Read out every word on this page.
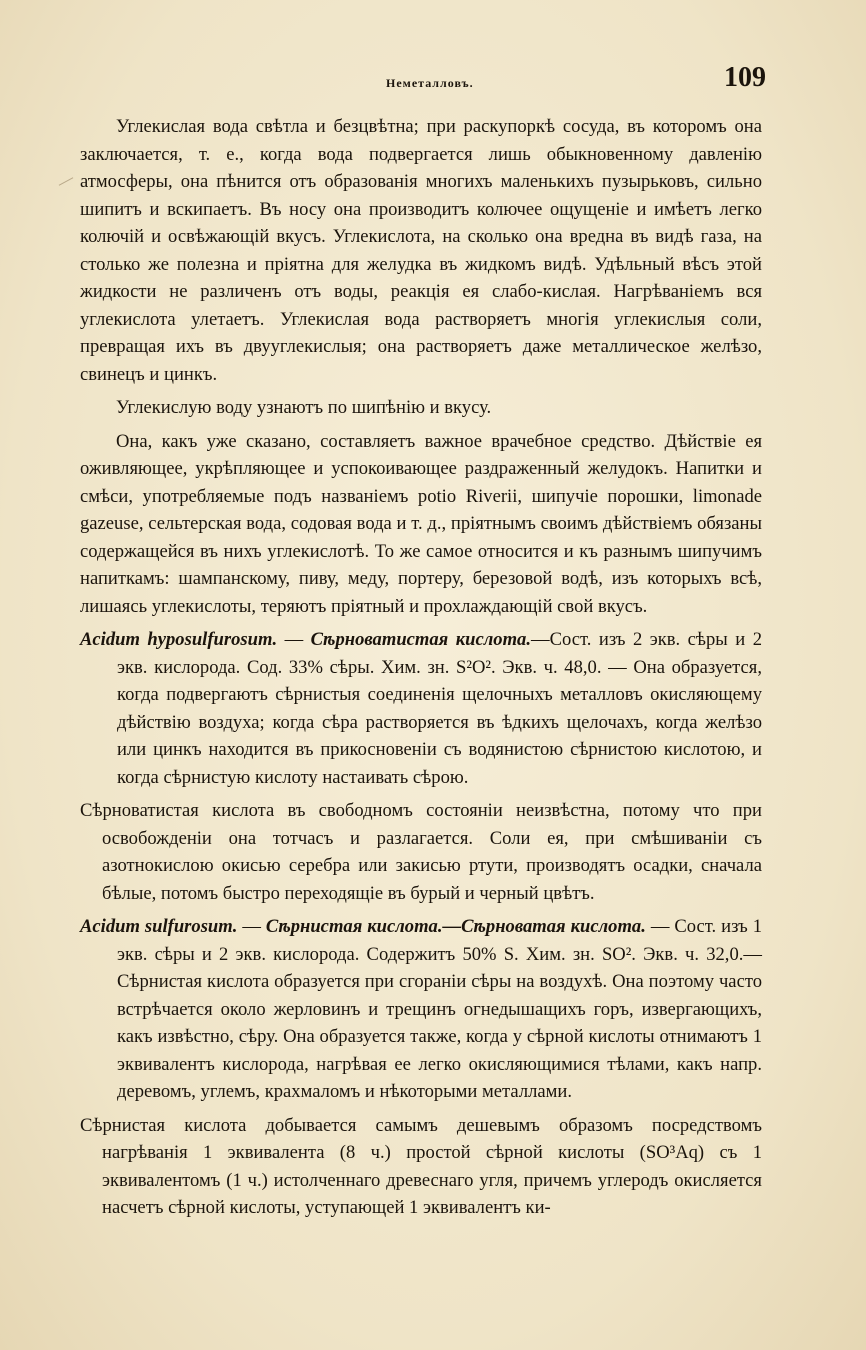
Неметалловъ.	109

Углекислая вода свѣтла и безцвѣтна; при раскупоркѣ сосуда, въ которомъ она заключается, т. е., когда вода подвергается лишь обыкновенному давленію атмосферы, она пѣнится отъ образованія многихъ маленькихъ пузырьковъ, сильно шипитъ и вскипаетъ. Въ носу она производитъ колючее ощущеніе и имѣетъ легко колючій и освѣжающій вкусъ. Углекислота, на сколько она вредна въ видѣ газа, на столько же полезна и пріятна для желудка въ жидкомъ видѣ. Удѣльный вѣсъ этой жидкости не различенъ отъ воды, реакція ея слабо-кислая. Нагрѣваніемъ вся углекислота улетаетъ. Углекислая вода растворяетъ многія углекислыя соли, превращая ихъ въ двууглекислыя; она растворяетъ даже металлическое желѣзо, свинецъ и цинкъ.

Углекислую воду узнаютъ по шипѣнію и вкусу.

Она, какъ уже сказано, составляетъ важное врачебное средство. Дѣйствіе ея оживляющее, укрѣпляющее и успокоивающее раздраженный желудокъ. Напитки и смѣси, употребляемые подъ названіемъ potio Riverii, шипучіе порошки, limonade gazeuse, сельтерская вода, содовая вода и т. д., пріятнымъ своимъ дѣйствіемъ обязаны содержащейся въ нихъ углекислотѣ. То же самое относится и къ разнымъ шипучимъ напиткамъ: шампанскому, пиву, меду, портеру, березовой водѣ, изъ которыхъ всѣ, лишаясь углекислоты, теряютъ пріятный и прохлаждающій свой вкусъ.

Acidum hyposulfurosum. — Сѣрноватистая кислота.—Сост. изъ 2 экв. сѣры и 2 экв. кислорода. Сод. 33% сѣры. Хим. зн. S²O². Экв. ч. 48,0. — Она образуется, когда подвергаютъ сѣрнистыя соединенія щелочныхъ металловъ окисляющему дѣйствію воздуха; когда сѣра растворяется въ ѣдкихъ щелочахъ, когда желѣзо или цинкъ находится въ прикосновеніи съ водянистою сѣрнистою кислотою, и когда сѣрнистую кислоту настаивать сѣрою.

Сѣрноватистая кислота въ свободномъ состояніи неизвѣстна, потому что при освобожденіи она тотчасъ и разлагается. Соли ея, при смѣшиваніи съ азотнокислою окисью серебра или закисью ртути, производятъ осадки, сначала бѣлые, потомъ быстро переходящіе въ бурый и черный цвѣтъ.

Acidum sulfurosum. — Сѣрнистая кислота.—Сѣрноватая кислота. — Сост. изъ 1 экв. сѣры и 2 экв. кислорода. Содержитъ 50% S. Хим. зн. SO². Экв. ч. 32,0.—Сѣрнистая кислота образуется при сгораніи сѣры на воздухѣ. Она поэтому часто встрѣчается около жерловинъ и трещинъ огнедышащихъ горъ, извергающихъ, какъ извѣстно, сѣру. Она образуется также, когда у сѣрной кислоты отнимаютъ 1 эквивалентъ кислорода, нагрѣвая ее легко окисляющимися тѣлами, какъ напр. деревомъ, углемъ, крахмаломъ и нѣкоторыми металлами.

Сѣрнистая кислота добывается самымъ дешевымъ образомъ посредствомъ нагрѣванія 1 эквивалента (8 ч.) простой сѣрной кислоты (SO³Aq) съ 1 эквивалентомъ (1 ч.) истолченнаго древеснаго угля, причемъ углеродъ окисляется насчетъ сѣрной кислоты, уступающей 1 эквивалентъ ки-
